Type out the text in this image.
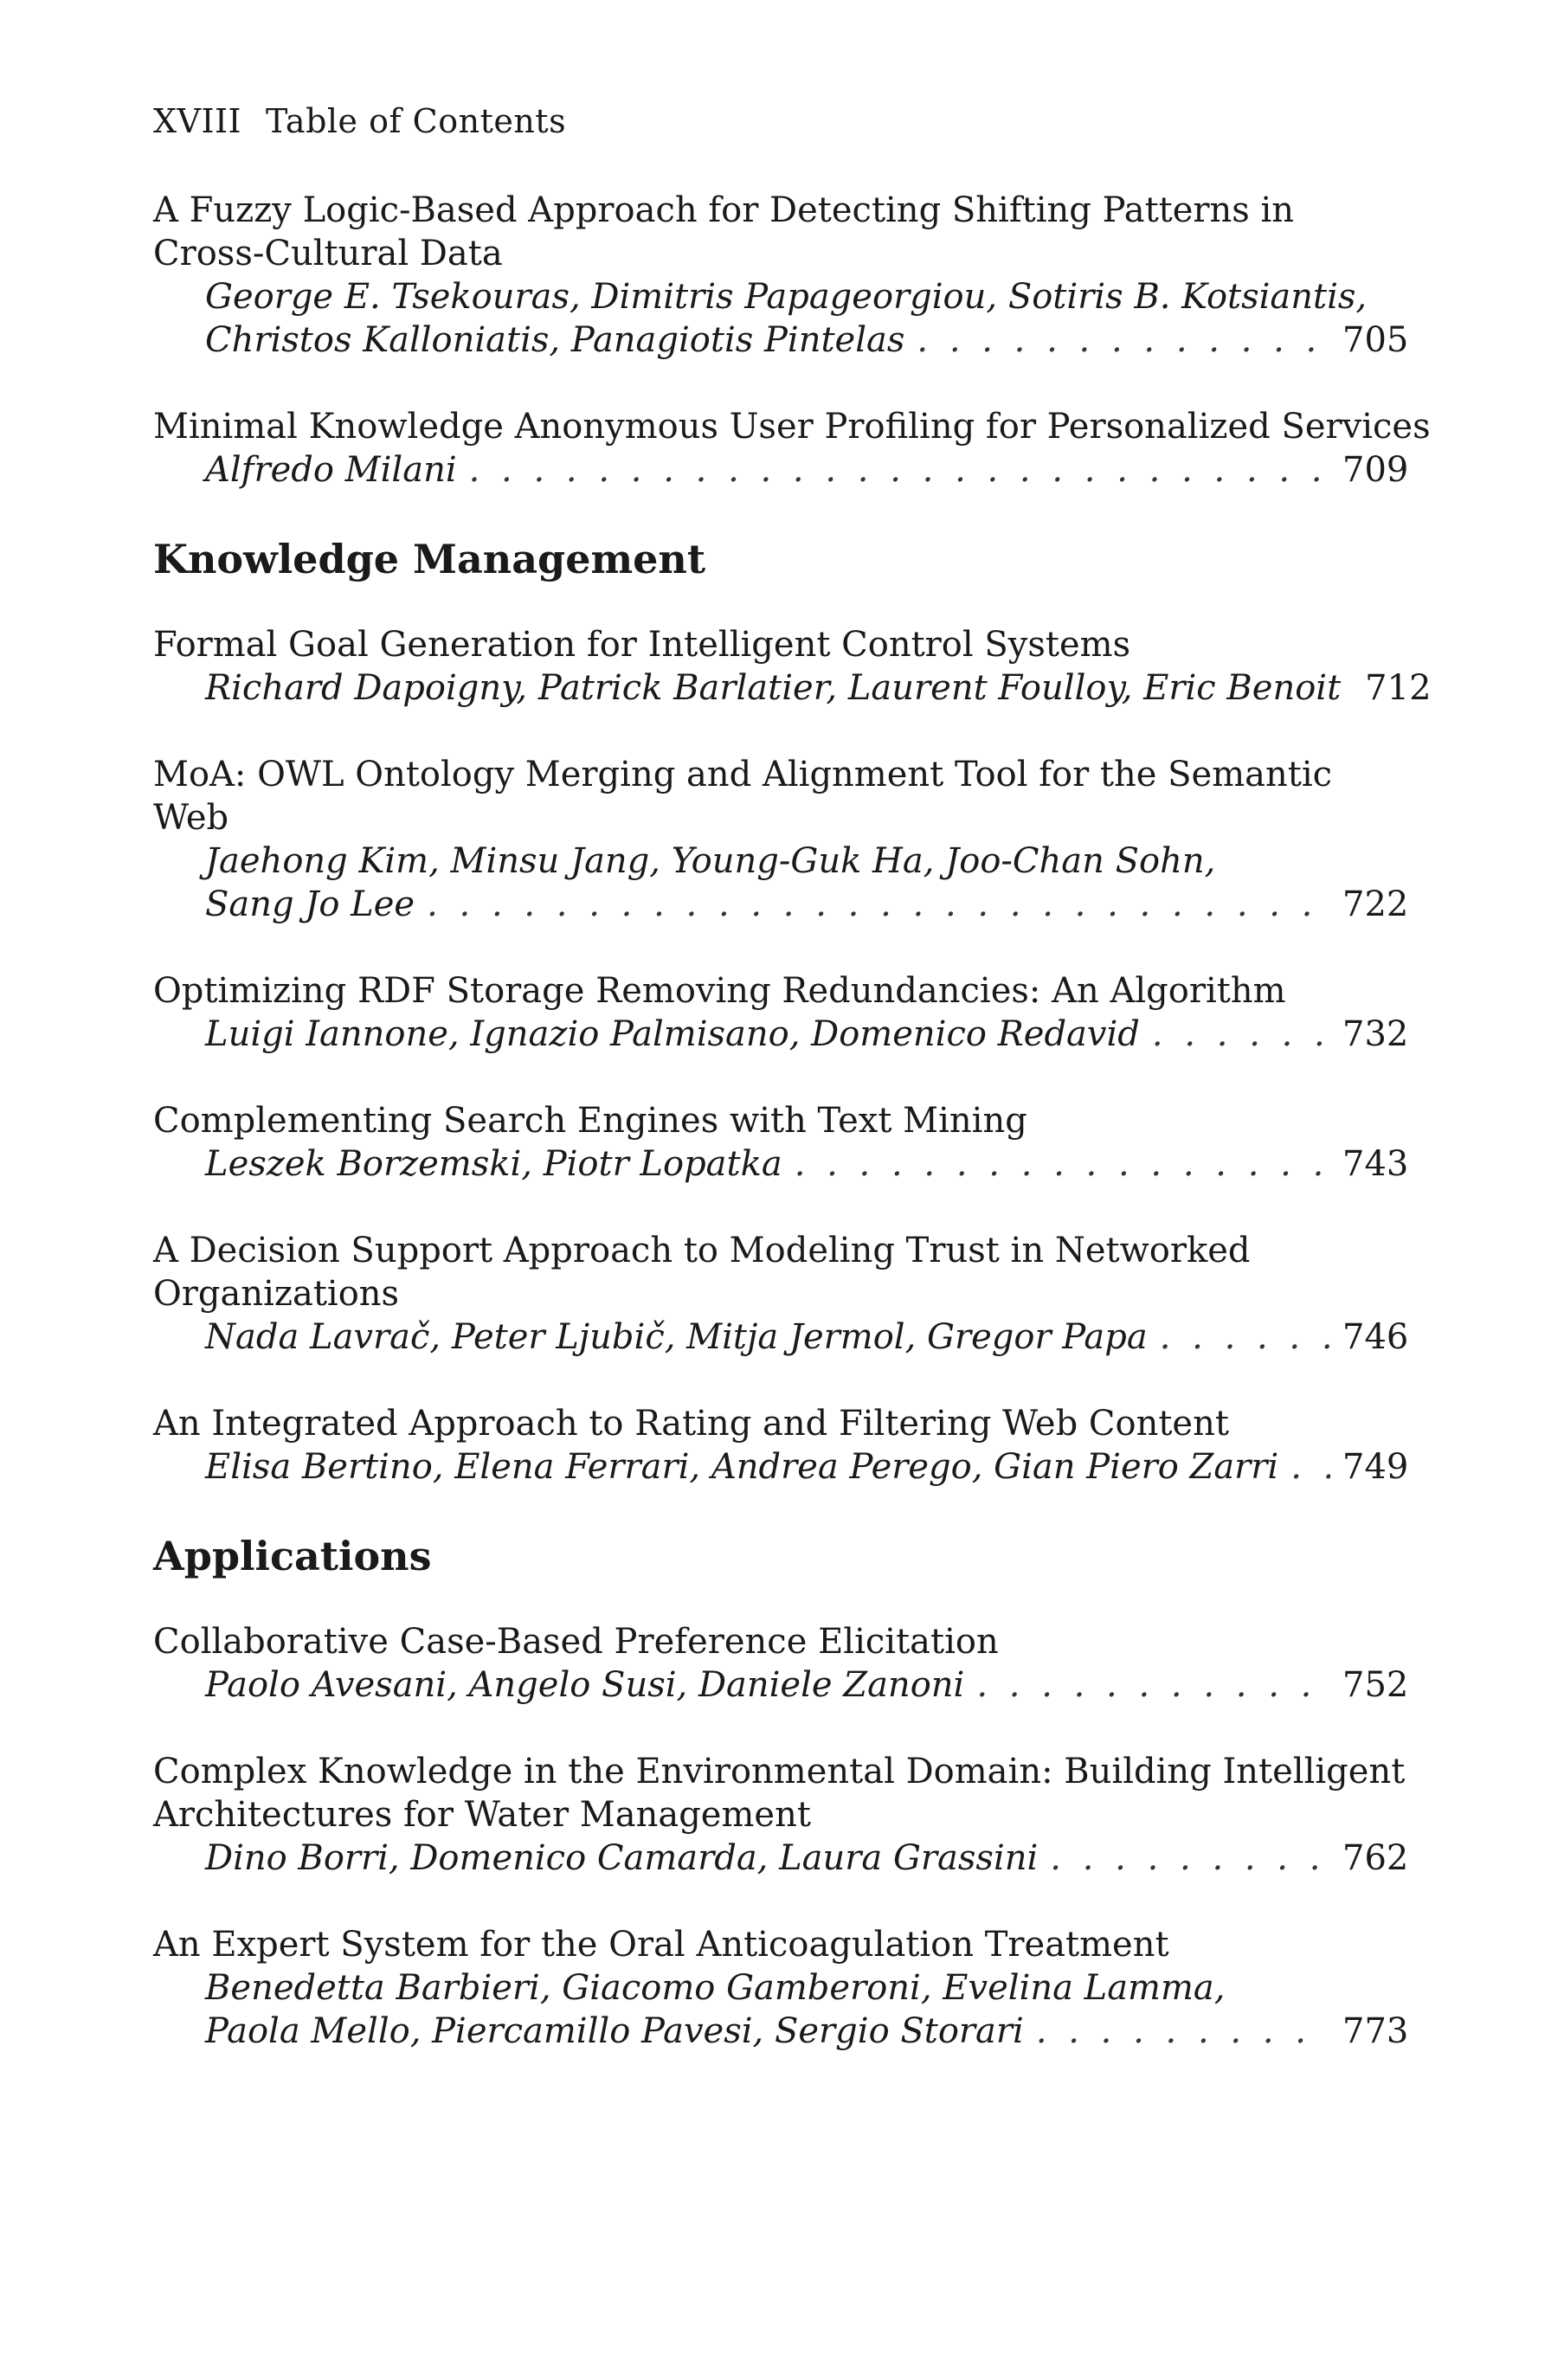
XVIII Table of Contents
A Fuzzy Logic-Based Approach for Detecting Shifting Patterns in
Cross-Cultural Data
George E. Tsekouras, Dimitris Papageorgiou, Sotiris B. Kotsiantis,
Christos Kalloniatis, Panagiotis Pintelas . . .	705
Minimal Knowledge Anonymous User Profiling for Personalized Services
Alfredo Milani . . .	709
Knowledge Management
Formal Goal Generation for Intelligent Control Systems
Richard Dapoigny, Patrick Barlatier, Laurent Foulloy, Eric Benoit 712
MoA: OWL Ontology Merging and Alignment Tool for the Semantic
Web
Jaehong Kim, Minsu Jang, Young-Guk Ha, Joo-Chan Sohn,
Sang Jo Lee . . .	722
Optimizing RDF Storage Removing Redundancies: An Algorithm
Luigi Iannone, Ignazio Palmisano, Domenico Redavid . . .	732
Complementing Search Engines with Text Mining
Leszek Borzemski, Piotr Lopatka . . .	743
A Decision Support Approach to Modeling Trust in Networked
Organizations
Nada Lavrač, Peter Ljubič, Mitja Jermol, Gregor Papa . . .	746
An Integrated Approach to Rating and Filtering Web Content
Elisa Bertino, Elena Ferrari, Andrea Perego, Gian Piero Zarri . . . 749
Applications
Collaborative Case-Based Preference Elicitation
Paolo Avesani, Angelo Susi, Daniele Zanoni . . .	752
Complex Knowledge in the Environmental Domain: Building Intelligent
Architectures for Water Management
Dino Borri, Domenico Camarda, Laura Grassini . . .	762
An Expert System for the Oral Anticoagulation Treatment
Benedetta Barbieri, Giacomo Gamberoni, Evelina Lamma,
Paola Mello, Piercamillo Pavesi, Sergio Storari . . .	773
